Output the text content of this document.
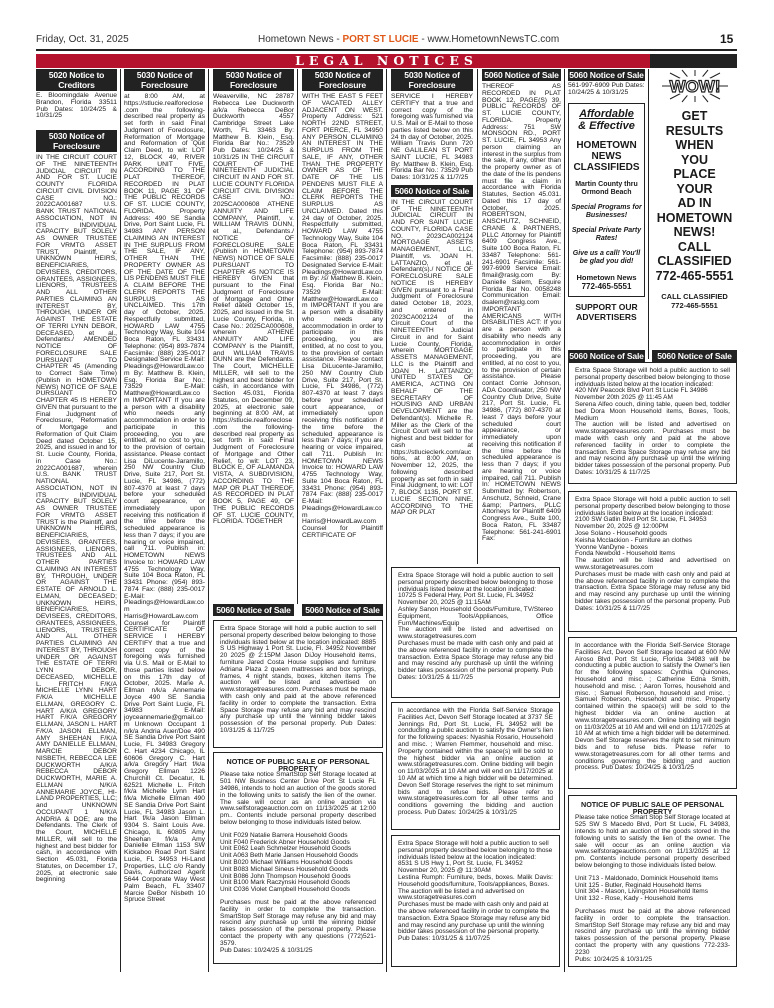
Friday, Oct. 31, 2025	Hometown News - PORT ST LUCIE - www.HometownNewsTC.com	15
LEGAL NOTICES
5020 Notice to Creditors
E. Bloomingdale Avenue Brandon, Florida 33511 Pub Dates: 10/24/25 & 10/31/25
5030 Notice of Foreclosure
IN THE CIRCUIT COURT OF THE NINETEENTH JUDICIAL CIRCUIT IN AND FOR ST. LUCIE COUNTY FLORIDA CIRCUIT CIVIL DIVISION CASE NO.: 2022CA001687 U.S. BANK TRUST NATIONAL ASSOCIATION, NOT IN ITS INDIVIDUAL CAPACITY BUT SOLELY AS OWNER TRUSTEE FOR VRMTG ASSET TRUST, Plaintiff, v. UNKNOWN HEIRS, BENEFICIARIES, DEVISEES, CREDITORS, GRANTEES, ASSIGNEES, LIENORS, TRUSTEES AND ALL OTHER PARTIES CLAIMING AN INTEREST BY, THROUGH, UNDER OR AGAINST THE ESTATE OF TERRI LYNN DEBOR, DECEASED, et al., Defendants./ AMENDED NOTICE OF FORECLOSURE SALE PURSUANT TO CHAPTER 45 (Amending to Correct Sale Time) (Publish in HOMETOWN NEWS) NOTICE OF SALE PURSUANT TO CHAPTER 45 IS HEREBY GIVEN that pursuant to the Final Judgment of Foreclosure, Reformation of Mortgage and Reformation of Quit Claim Deed dated October 15, 2025, and issued in and for St. Lucie County, Florida, in Case No.: 2022CA001687, wherein U.S. BANK TRUST NATIONAL ASSOCIATION, NOT IN ITS INDIVIDUAL CAPACITY BUT SOLELY AS OWNER TRUSTEE FOR VRMTG ASSET TRUST is the Plaintiff, and UNKNOWN HEIRS, BENEFICIARIES, DEVISEES, GRANTEES, ASSIGNEES, LIENORS, TRUSTEES AND ALL OTHER PARTIES CLAIMING AN INTEREST BY, THROUGH, UNDER OR AGAINST THE ESTATE OF ARNOLD L. ELMAN, DECEASED; UNKNOWN HEIRS, BENEFICIARIES, DEVISEES, CREDITORS, GRANTEES, ASSIGNEES, LIENORS, TRUSTEES AND ALL OTHER PARTIES CLAIMING AN INTEREST BY, THROUGH UNDER OR AGAINST THE ESTATE OF TERRI LYNN DEBOR, DECEASED, MICHELLE L. FRITCH F/K/A MICHELLE LYNN HART F/K/A MICHELLE ELLMAN, GREGORY C. HART A/K/A GREGORY HART F/K/A GREGORY ELLMAN, JASON L. HART F/K/A JASON ELLMAN, AMY SHEEHAN F/K/A AMY DANIELLE ELLMAN, MARCIE DEBOR NISBETH, REBECCA LEE DUCKWORTH A/K/A REBECCA DEBOR DUCKWORTH, MARIE A. ELLMAN N/K/A ANNEMARIE JOYCE, HI-LAND PROPERTIES, LLC; and UNKNOWN OCCUPANT 1 N/K/A ANDRIA & DOE; are the Defendants. The Clerk of the Court, MICHELLE MILLER, will sell to the highest and best bidder for cash, in accordance with Section 45.031, Florida Statutes, on December 17, 2025, at electronic sale beginning
5030 Notice of Foreclosure
at 8:00 AM, at https://stlucie.realforeclose.com the following-described real property as set forth in said Final Judgment of Foreclosure, Reformation of Mortgage and Reformation of Quit Claim Deed, to wit: LOT 12, BLOCK 49, RIVER PARK UNIT FIVE, ACCORDING TO THE PLAT THEREOF, RECORDED IN PLAT BOOK 11, PAGE 31 OF THE PUBLIC RECORDS OF ST. LUCIE COUNTY, FLORIDA. Property Address: 490 SE Sandia Drive, Port Saint Lucie, FL 34983 ANY PERSON CLAIMING AN INTEREST IN THE SURPLUS FROM THE SALE, IF ANY, OTHER THAN THE PROPERTY OWNER AS OF THE DATE OF THE LIS PENDENS MUST FILE A CLAIM BEFORE THE CLERK REPORTS THE SURPLUS AS UNCLAIMED. This 17th day of October, 2025. Respectfully submitted, HOWARD LAW 4755 Technology Way, Suite 104 Boca Raton, FL 33431 Telephone: (954) 893-7874 Facsimile: (888) 235-0017 Designated Service E-Mail: Pleadings@HowardLaw.com By: Matthew B. Klein, Esq. Florida Bar No.: 73529 E-Mail: Matthew@HowardLaw.com IMPORTANT If you are a person with a disability who needs any accommodation in order to participate in this proceeding, you are entitled, at no cost to you, to the provision of certain assistance. Please contact Lisa DiLucente-Jaramillo, 250 NW Country Club Drive, Suite 217, Port St. Lucie, FL 34986, (772) 807-4370 at least 7 days before your scheduled court appearance, or immediately upon receiving this notification if the time before the scheduled appearance is less than 7 days; if you are hearing or voice impaired, call 711. Publish in: HOMETOWN NEWS Invoice to: HOWARD LAW 4755 Technology Way, Suite 104 Boca Raton, FL 33431 Phone: (954) 893-7874 Fax: (888) 235-0017 E-Mail: Pleadings@HowardLaw.com Harris@HowardLaw.com Counsel for Plaintiff CERTIFICATE OF SERVICE I HEREBY CERTIFY that a true and correct copy of the foregoing was furnished via U.S. Mail or E-Mail to those parties listed below on this 17th day of October, 2025. Marie A. Ellman n/k/a Annemarie Joyce 490 SE Sandia Drive Port Saint Lucie, FL 34983 E-Mail: joyceannemarie@gmail.com Unknown Occupant 1 n/k/a Andria Auer/Doe 490 SE Sandia Drive Port Saint Lucie, FL 34983 Gregory C. Hart 4234 Chicago, IL 60606 Gregory C. Hart a/k/a Gregory Hart f/k/a Gregory Ellman 1226 Churchill Ct. Decatur, IL 62521 Michelle L. Fritch f/k/a Michelle Lynn Hart f/k/a Michelle Ellman 490 SE Sandia Drive Port Saint Lucie, FL 34983 Jason L. Hart f/k/a Jason Ellman 9304 S. Saint Louis Ave. Chicago, IL 60805 Amy Sheehan f/k/a Amy Danielle Ellman 1153 SW Kickaboo Road Port Saint Lucie, FL 34953 Hi-Land Properties, LLC c/o Randy Davis, Authorized Agent 5644 Corporate Way West Palm Beach, FL 33407 Marcie DeBor Nisbeth 10 Spruce Street
5030 Notice of Foreclosure
Weaverville, NC 28787 Rebecca Lee Duckworth a/k/a Rebecca DeBor Duckworth 4557 Cambridge Street Lake Worth, FL 33463 By: Matthew B. Klein, Esq. Florida Bar No.: 73529 Pub Dates: 10/24/25 & 10/31/25 IN THE CIRCUIT COURT OF THE NINETEENTH JUDICIAL CIRCUIT IN AND FOR ST. LUCIE COUNTY FLORIDA CIRCUIT CIVIL DIVISION CASE NO.: 2025CA000608 ATHENE ANNUITY AND LIFE COMPANY, Plaintiff, v. WILLIAM TRAVIS DUNN, et al., Defendants./ NOTICE OF FORECLOSURE SALE (Publish in HOMETOWN NEWS) NOTICE OF SALE PURSUANT TO CHAPTER 45 NOTICE IS HEREBY GIVEN that pursuant to the Final Judgment of Foreclosure of Mortgage and Other Relief dated October 15, 2025, and issued in the St. Lucie County, Florida, in Case No.: 2025CA000608, wherein ATHENE ANNUITY AND LIFE COMPANY is the Plaintiff, and WILLIAM TRAVIS DUNN are the Defendants. The Court, MICHELLE MILLER, will sell to the highest and best bidder for cash, in accordance with Section 45.031, Florida Statutes, on December 09, 2025, at electronic sale beginning at 8:00 AM, at https://stlucie.realforeclose.com the following-described real property as set forth in said Final Judgment of Foreclosure of Mortgage and Other Relief, to wit: LOT 23, BLOCK E, OF ALAMANDA VISTA, A SUBDIVISION, ACCORDING TO THE MAP OR PLAT THEREOF, AS RECORDED IN PLAT BOOK 5, PAGE 49, OF THE PUBLIC RECORDS OF ST. LUCIE COUNTY, FLORIDA. TOGETHER
5060 Notice of Sale
5030 Notice of Foreclosure
WITH THE EAST 5 FEET OF VACATED ALLEY ADJACENT ON WEST. Property Address: 521 NORTH 22ND STREET, FORT PIERCE, FL 34950 ANY PERSON CLAIMING AN INTEREST IN THE SURPLUS FROM THE SALE, IF ANY, OTHER THAN THE PROPERTY OWNER AS OF THE DATE OF THE LIS PENDENS MUST FILE A CLAIM BEFORE THE CLERK REPORTS THE SURPLUS AS UNCLAIMED. Dated this 24 day of October, 2025. Respectfully submitted, HOWARD LAW 4755 Technology Way, Suite 104 Boca Raton, FL 33431 Telephone: (954) 893-7874 Facsimile: (888) 235-0017 Designated Service E-Mail: Pleadings@HowardLaw.com By: /s/ Matthew B. Klein, Esq. Florida Bar No.: 73529 E-Mail: Matthew@HowardLaw.com IMPORTANT If you are a person with a disability who needs any accommodation in order to participate in this proceeding, you are entitled, at no cost to you, to the provision of certain assistance. Please contact Lisa DiLucente-Jaramillo, 250 NW Country Club Drive, Suite 217, Port St. Lucie, FL 34986, (772) 807-4370 at least 7 days before your scheduled court appearance, or immediately upon receiving this notification if the time before the scheduled appearance is less than 7 days; if you are hearing or voice impaired, call 711. Publish In: HOMETOWN NEWS Invoice to: HOWARD LAW 4755 Technology Way, Suite 104 Boca Raton, FL 33431 Phone: (954) 893-7874 Fax: (888) 235-0017 E-Mail: Pleadings@HowardLaw.com Harris@HowardLaw.com Counsel for Plaintiff CERTIFICATE OF
5060 Notice of Sale
5030 Notice of Foreclosure
SERVICE I HEREBY CERTIFY that a true and correct copy of the foregoing was furnished via U.S. Mail or E-Mail to those parties listed below on this 24 th day of October, 2025. William Travis Dunn 720 NE GALILEAN ST PORT SAINT LUCIE, FL 34983 By: Matthew B. Klein, Esq. Florida Bar No.: 73529 Pub Dates: 10/31/25 & 11/7/25
5060 Notice of Sale
IN THE CIRCUIT COURT OF THE NINETEENTH JUDICIAL CIRCUIT IN AND FOR SAINT LUCIE COUNTY, FLORIDA CASE NO. 2023CA002124 MORTGAGE ASSETS MANAGEMENT, LLC, Plaintiff, vs. JOAN H. LATTANZIO, et al. Defendant(s)./ NOTICE OF FORECLOSURE SALE NOTICE IS HEREBY GIVEN pursuant to a Final Judgment of Foreclosure dated October 18, 2023, and entered in 2023CA002124 of the Circuit Court of the NINETEENTH Judicial Circuit in and for Saint Lucie County, Florida, wherein MORTGAGE ASSETS MANAGEMENT, LLC is the Plaintiff and JOAN H. LATTANZIO; UNITED STATES OF AMERICA, ACTING ON BEHALF OF THE SECRETARY OF HOUSING AND URBAN DEVELOPMENT are the Defendant(s). Michelle R. Miller as the Clerk of the Circuit Court will sell to the highest and best bidder for cash at https://stlucieclerk.com/auctions, at 8:00 AM, on November 12, 2025, the following described property as set forth in said Final Judgment, to wit: LOT 7, BLOCK 1135, PORT ST. LUCIE SECTION NINE, ACCORDING TO THE MAP OR PLAT
5060 Notice of Sale
THEREOF AS RECORDED IN PLAT BOOK 12, PAGE(S) 39, PUBLIC RECORDS OF ST. LUCIE COUNTY, FLORIDA. Property Address: 751 SW MONSOON RD., PORT ST. LUCIE, FL 34953 Any person claiming an interest in the surplus from the sale, if any, other than the property owner as of the date of the lis pendens must file a claim in accordance with Florida Statutes, Section 45.031. Dated this 17 day of October, 2025. ROBERTSON, ANSCHUTZ, SCHNEID, CRANE & PARTNERS, PLLC Attorney for Plaintiff 6409 Congress Ave., Suite 100 Boca Raton, FL 33487 Telephone: 561-241-6901 Facsimile: 561-997-6909 Service Email: flmail@raslg.com By: Danielle Salem, Esquire Florida Bar No. 0058248 Communication Email: dsalem@raslg.com IMPORTANT AMERICANS WITH DISABILITIES ACT: If you are a person with a disability who needs any accommodation in order to participate in this proceeding, you are entitled, at no cost to you, to the provision of certain assistance. Please contact Corrie Johnson, ADA Coordinator, 250 NW Country Club Drive, Suite 217, Port St. Lucie, FL 34986, (772) 807-4370 at least 7 days before your scheduled court appearance, or immediately upon receiving this notification if the time before the scheduled appearance is less than 7 days; if you are hearing or voice impaired, call 711. Publish In: HOMETOWN NEWS Submitted by: Robertson, Anschutz, Schneid, Crane &amp; Partners, PLLC Attorneys for Plaintiff 6409 Congress Ave., Suite 100, Boca Raton, FL 33487 Telephone: 561-241-6901 Fax:
5060 Notice of Sale
561-997-6909 Pub Dates: 10/24/25 & 10/31/25
Affordable
& Effective
HOMETOWN NEWS CLASSIFIEDS
Martin County thru Ormond Beach
Special Programs for Businesses!
Special Private Party Rates!
Give us a call! You'll be glad you did!
Hometown News
772-465-5551
SUPPORT OUR ADVERTISERS
5060 Notice of Sale
WOW!
GET
RESULTS
WHEN
YOU
PLACE
YOUR
AD IN
HOMETOWN
NEWS!
CALL
CLASSIFIED
772-465-5551
CALL CLASSIFIED
772-465-5551
5060 Notice of Sale
Extra Space Storage will hold a public auction to sell personal property described below belonging to those individuals listed below at the location indicated: 8885 S US Highway 1 Port St. Lucie, Fl. 34952 November 20 2025 @ 2:15PM Jason DiJoy Household items, furniture Jared Costa House supplies and furniture Adriana Plaza 2 queen mattresses and box springs, frames, 4 night stands, boxes, kitchen items The auction will be listed and advertised on www.storagetreasures.com. Purchases must be made with cash only and paid at the above referenced facility in order to complete the transaction. Extra Space Storage may refuse any bid and may rescind any purchase up until the winning bidder takes possession of the personal property. Pub Dates: 10/31/25 & 11/7/25
NOTICE OF PUBLIC SALE OF PERSONAL PROPERTY
Please take notice SmartStop Self Storage located at 501 NW Business Center Drive Port St Lucie FL 34986, intends to hold an auction of the goods stored in the following units to satisfy the lien of the owner. The sale will occur as an online auction via www.selfstorageauction.com on 11/13/2025 at 12:00 pm.. Contents include personal property described below belonging to those individuals listed below.
Unit F029 Natalie Barrera Household Goods
Unit F040 Frederick Abner Household Goods
Unit E062 Leah Schmelzer Household Goods
Unit A063 Beth Marie Jansen Household Goods
Unit B020 Michael Williams Household Goods
Unit B083 Michael Sineus Household Goods
Unit B086 John Thompson Household Goods
Unit B100 Mark Raczynski Household Goods
Unit C036 Violet Campbell Household Goods
Purchases must be paid at the above referenced facility in order to complete the transaction. SmartStop Self Storage may refuse any bid and may rescind any purchase up until the winning bidder takes possession of the personal property. Please contact the property with any questions (772)521-3579.
Pub Dates: 10/24/25 & 10/31/25
Extra Space Storage will hold a public auction to sell personal property described below belonging to those individuals listed below at the location indicated:
10725 S Federal Hwy, Port St. Lucie, FL 34952
November 20, 2025 @ 11:15AM
Ashley Sanon Household Goods/Furniture, TV/Stereo Equipment, Tools/Appliances, Office Furn/Machines/Equip
The auction will be listed and advertised on www.storagetreasures.com
Purchases must be made with cash only and paid at the above referenced facility in order to complete the transaction. Extra Space Storage may refuse any bid and may rescind any purchase up until the winning bidder takes possession of the personal property. Pub Dates: 10/31/25 & 11/7/25
In accordance with the Florida Self-Service Storage Facilities Act, Devon Self Storage located at 3737 SE Jennings Rd, Port St. Lucie, FL 34952 will be conducting a public auction to satisfy the Owner's lien for the following spaces: Nyashia Rosario, Household and misc. ; Warren Flemmer, household and misc. Property contained within the space(s) will be sold to the highest bidder via an online auction at www.storagetreasures.com. Online bidding will begin on 11/03/2025 at 10 AM and will end on 11/17/2025 at 10 AM at which time a high bidder will be determined. Devon Self Storage reserves the right to set minimum bids and to refuse bids. Please refer to www.storagetreasures.com for all other terms and conditions governing the bidding and auction process. Pub Dates: 10/24/25 & 10/31/25
Extra Space Storage will hold a public auction to sell personal property described below belonging to those individuals listed below at the location indicated:
8531 S US Hwy 1, Port St. Lucie, FL 34952
November 20, 2025 @ 11:30AM
Lestina Rumph: Furniture, beds, boxes. Malik Davis: Household goods/furniture, Tools/appliances, Boxes.
The auction will be listed a nd advertised on www.storagetreasures.com
Purchases must be made with cash only and paid at the above referenced facility in order to complete the transaction. Extra Space Storage may refuse any bid and may rescind any purchase up until the winning bidder takes possession of the personal property.
Pub Dates: 10/31/25 & 11/07/25
Extra Space Storage will hold a public auction to sell personal property described below belonging to those individuals listed below at the location indicated:
420 NW Peacock Blvd Port St Lucie FL 34986
November 20th 2025 @ 11:45 AM
Serena Alfeo couch, dining table, queen bed, toddler bed Dora Moon Household items, Boxes, Tools, Medium
The auction will be listed and advertised on www.storagetreasures.com. Purchases must be made with cash only and paid at the above referenced facility in order to complete the transaction. Extra Space Storage may refuse any bid and may rescind any purchase up until the winning bidder takes possession of the personal property. Pub Dates: 10/31/25 & 11/7/25
Extra Space Storage will hold a public auction to sell personal property described below belonging to those individuals listed below at the location indicated:
2100 SW Gatlin Blvd Port St. Lucie, FL 34953
November 20, 2025 @ 12:00PM
Jose Solano - Household goods
Keisha Mcclackion - Furniture an clothes
Yvonne VanDyne - boxes
Fonda Newbold - Household Items
The auction will be listed and advertised on www.storagetreasures.com
Purchases must be made with cash only and paid at the above referenced facility in order to complete the transaction. Extra Space Storage may refuse any bid and may rescind any purchase up until the winning bidder takes possession of the personal property. Pub Dates: 10/31/25 & 11/7/25
In accordance with the Florida Self-Service Storage Facilities Act, Devon Self Storage located at 600 NW Airoso Blvd Port St Lucie, Florida 34983 will be conducting a public auction to satisfy the Owner's lien for the following spaces: Cynthia Quinones, Household and misc. ; Catherine Edna Smith, household and misc. ; Aaron Torres, household and misc. ; Samuel Roberson, household and misc. ; Samuel Roberson, Household and misc. Property contained within the space(s) will be sold to the highest bidder via an online auction at www.storagetreasures.com. Online bidding will begin on 11/03/2025 at 10 AM and will end on 11/17/2025 at 10 AM at which time a high bidder will be determined. Devon Self Storage reserves the right to set minimum bids and to refuse bids. Please refer to www.storagetreasures.com for all other terms and conditions governing the bidding and auction process. Pub Dates: 10/24/25 & 10/31/25
NOTICE OF PUBLIC SALE OF PERSONAL PROPERTY
Please take notice Smart Stop Self Storage located at 525 SW S Macedo Blvd, Port St Lucie, FL 34983, intends to hold an auction of the goods stored in the following units to satisfy the lien of the owner. The sale will occur as an online auction via www.selfstorageauctions.com on 11/13/2025 at 12 pm. Contents include personal property described below belonging to those individuals listed below.
Unit 713 - Maldonado, Dominick Household Items
Unit 125 - Butler, Reginald Household Items
Unit 304 - Mason, Livingston Household Items
Unit 132 - Rose, Kady - Household Items
Purchases must be paid at the above referenced facility in order to complete the transaction. SmartStop Self Storage may refuse any bid and may rescind any purchase up until the winning bidder takes possession of the personal property. Please contact the property with any questions 772-233-2230
Pubs: 10/24/25 & 10/31/25
